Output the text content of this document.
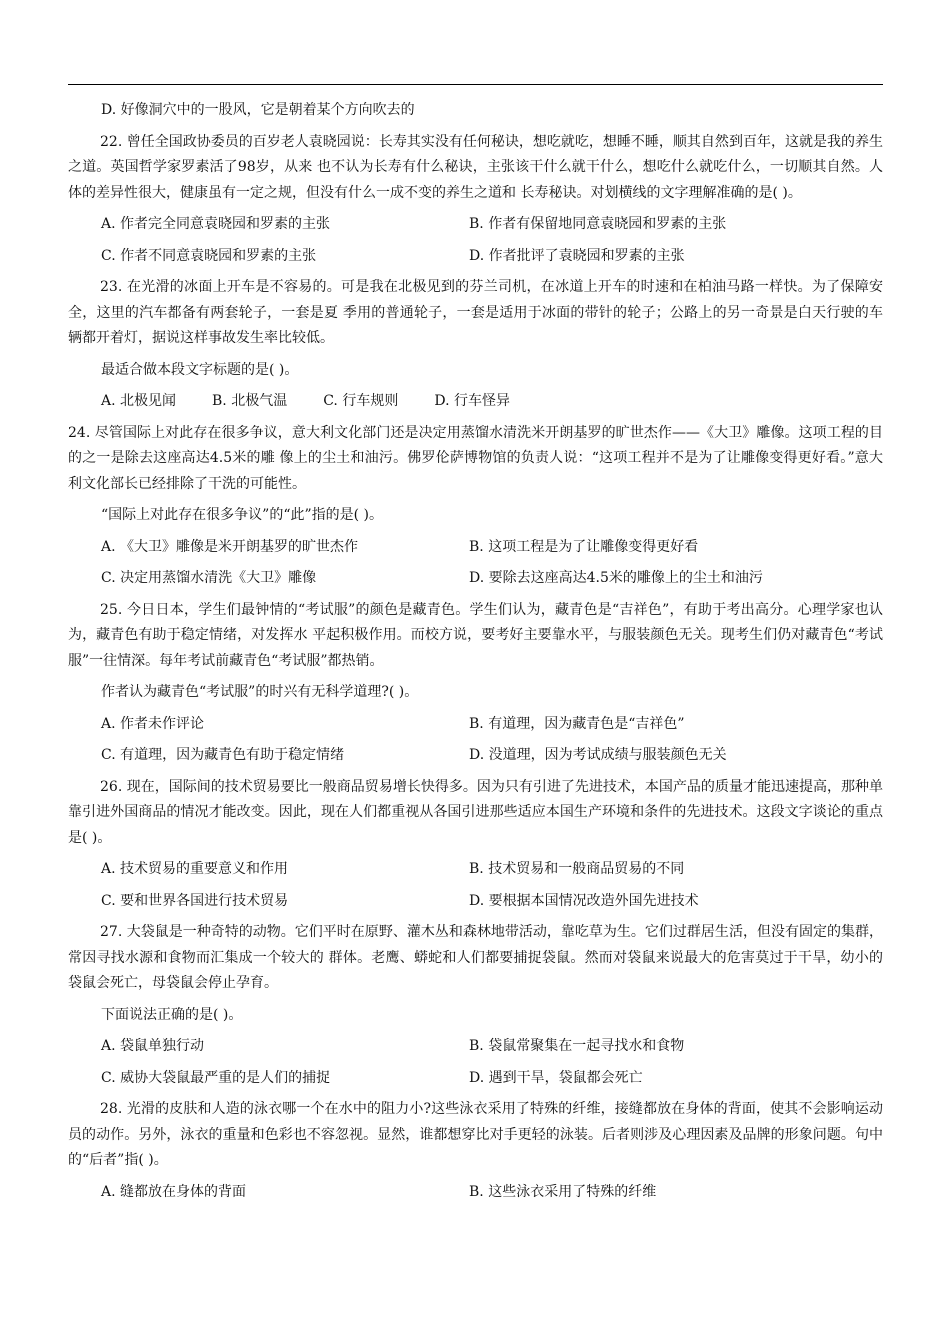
D. 好像洞穴中的一股风，它是朝着某个方向吹去的

22. 曾任全国政协委员的百岁老人袁晓园说：长寿其实没有任何秘诀，想吃就吃，想睡不睡，顺其自然到百年，这就是我的养生之道。英国哲学家罗素活了98岁，从来 也不认为长寿有什么秘诀，主张该干什么就干什么，想吃什么就吃什么，一切顺其自然。人体的差异性很大，健康虽有一定之规，但没有什么一成不变的养生之道和 长寿秘诀。对划横线的文字理解准确的是( )。

A. 作者完全同意袁晓园和罗素的主张	B. 作者有保留地同意袁晓园和罗素的主张
C. 作者不同意袁晓园和罗素的主张	D. 作者批评了袁晓园和罗素的主张

23. 在光滑的冰面上开车是不容易的。可是我在北极见到的芬兰司机，在冰道上开车的时速和在柏油马路一样快。为了保障安全，这里的汽车都备有两套轮子，一套是夏 季用的普通轮子，一套是适用于冰面的带针的轮子；公路上的另一奇景是白天行驶的车辆都开着灯，据说这样事故发生率比较低。

最适合做本段文字标题的是( )。

A. 北极见闻	B. 北极气温	C. 行车规则	D. 行车怪异

24. 尽管国际上对此存在很多争议，意大利文化部门还是决定用蒸馏水清洗米开朗基罗的旷世杰作——《大卫》雕像。这项工程的目的之一是除去这座高达4.5米的雕 像上的尘土和油污。佛罗伦萨博物馆的负责人说：“这项工程并不是为了让雕像变得更好看。”意大利文化部长已经排除了干洗的可能性。

“国际上对此存在很多争议”的“此”指的是( )。

A. 《大卫》雕像是米开朗基罗的旷世杰作	B. 这项工程是为了让雕像变得更好看
C. 决定用蒸馏水清洗《大卫》雕像	D. 要除去这座高达4.5米的雕像上的尘土和油污

25. 今日日本，学生们最钟情的“考试服”的颜色是藏青色。学生们认为，藏青色是“吉祥色”，有助于考出高分。心理学家也认为，藏青色有助于稳定情绪，对发挥水 平起积极作用。而校方说，要考好主要靠水平，与服装颜色无关。现考生们仍对藏青色“考试服”一往情深。每年考试前藏青色“考试服”都热销。

作者认为藏青色“考试服”的时兴有无科学道理?( )。

A. 作者未作评论	B. 有道理，因为藏青色是“吉祥色”
C. 有道理，因为藏青色有助于稳定情绪	D. 没道理，因为考试成绩与服装颜色无关

26. 现在，国际间的技术贸易要比一般商品贸易增长快得多。因为只有引进了先进技术，本国产品的质量才能迅速提高，那种单靠引进外国商品的情况才能改变。因此，现在人们都重视从各国引进那些适应本国生产环境和条件的先进技术。这段文字谈论的重点是( )。

A. 技术贸易的重要意义和作用	B. 技术贸易和一般商品贸易的不同
C. 要和世界各国进行技术贸易	D. 要根据本国情况改造外国先进技术

27. 大袋鼠是一种奇特的动物。它们平时在原野、灌木丛和森林地带活动，靠吃草为生。它们过群居生活，但没有固定的集群，常因寻找水源和食物而汇集成一个较大的 群体。老鹰、蟒蛇和人们都要捕捉袋鼠。然而对袋鼠来说最大的危害莫过于干旱，幼小的袋鼠会死亡，母袋鼠会停止孕育。

下面说法正确的是( )。

A. 袋鼠单独行动	B. 袋鼠常聚集在一起寻找水和食物
C. 威协大袋鼠最严重的是人们的捕捉	D. 遇到干旱，袋鼠都会死亡

28. 光滑的皮肤和人造的泳衣哪一个在水中的阻力小?这些泳衣采用了特殊的纤维，接缝都放在身体的背面，使其不会影响运动员的动作。另外，泳衣的重量和色彩也不容忽视。显然，谁都想穿比对手更轻的泳装。后者则涉及心理因素及品牌的形象问题。句中的“后者”指( )。

A. 缝都放在身体的背面	B. 这些泳衣采用了特殊的纤维
